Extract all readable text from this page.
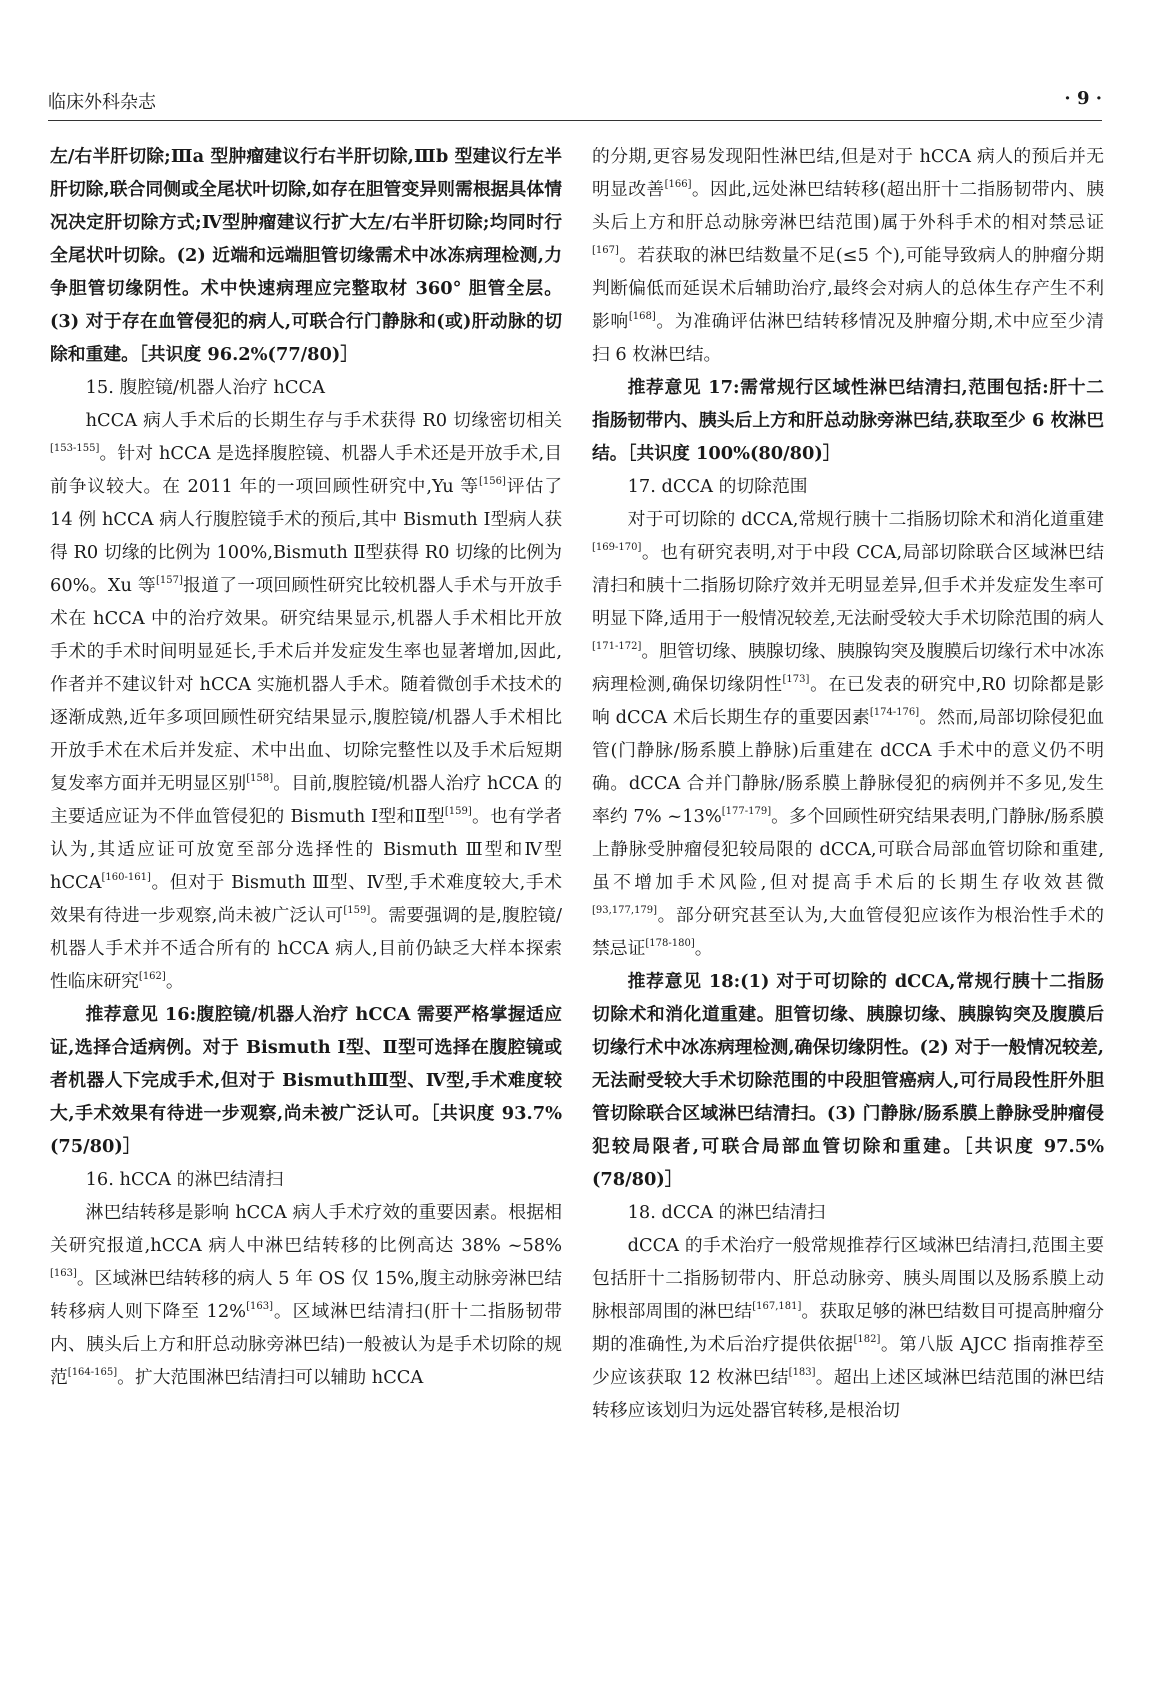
临床外科杂志	· 9 ·

左/右半肝切除;Ⅲa 型肿瘤建议行右半肝切除,Ⅲb 型建议行左半肝切除,联合同侧或全尾状叶切除,如存在胆管变异则需根据具体情况决定肝切除方式;Ⅳ型肿瘤建议行扩大左/右半肝切除;均同时行全尾状叶切除。(2) 近端和远端胆管切缘需术中冰冻病理检测,力争胆管切缘阴性。术中快速病理应完整取材 360° 胆管全层。(3) 对于存在血管侵犯的病人,可联合行门静脉和(或)肝动脉的切除和重建。［共识度 96.2%(77/80)］

15. 腹腔镜/机器人治疗 hCCA

hCCA 病人手术后的长期生存与手术获得 R0 切缘密切相关[153-155]。针对 hCCA 是选择腹腔镜、机器人手术还是开放手术,目前争议较大。在 2011 年的一项回顾性研究中,Yu 等[156]评估了 14 例 hCCA 病人行腹腔镜手术的预后,其中 Bismuth Ⅰ型病人获得 R0 切缘的比例为 100%,Bismuth Ⅱ型获得 R0 切缘的比例为 60%。Xu 等[157]报道了一项回顾性研究比较机器人手术与开放手术在 hCCA 中的治疗效果。研究结果显示,机器人手术相比开放手术的手术时间明显延长,手术后并发症发生率也显著增加,因此,作者并不建议针对 hCCA 实施机器人手术。随着微创手术技术的逐渐成熟,近年多项回顾性研究结果显示,腹腔镜/机器人手术相比开放手术在术后并发症、术中出血、切除完整性以及手术后短期复发率方面并无明显区别[158]。目前,腹腔镜/机器人治疗 hCCA 的主要适应证为不伴血管侵犯的 Bismuth Ⅰ型和Ⅱ型[159]。也有学者认为,其适应证可放宽至部分选择性的 Bismuth Ⅲ型和Ⅳ型 hCCA[160-161]。但对于 Bismuth Ⅲ型、Ⅳ型,手术难度较大,手术效果有待进一步观察,尚未被广泛认可[159]。需要强调的是,腹腔镜/机器人手术并不适合所有的 hCCA 病人,目前仍缺乏大样本探索性临床研究[162]。

推荐意见 16:腹腔镜/机器人治疗 hCCA 需要严格掌握适应证,选择合适病例。对于 Bismuth Ⅰ型、Ⅱ型可选择在腹腔镜或者机器人下完成手术,但对于 BismuthⅢ型、Ⅳ型,手术难度较大,手术效果有待进一步观察,尚未被广泛认可。［共识度 93.7%(75/80)］

16. hCCA 的淋巴结清扫

淋巴结转移是影响 hCCA 病人手术疗效的重要因素。根据相关研究报道,hCCA 病人中淋巴结转移的比例高达 38% ~58%[163]。区域淋巴结转移的病人 5 年 OS 仅 15%,腹主动脉旁淋巴结转移病人则下降至 12%[163]。区域淋巴结清扫(肝十二指肠韧带内、胰头后上方和肝总动脉旁淋巴结)一般被认为是手术切除的规范[164-165]。扩大范围淋巴结清扫可以辅助 hCCA

的分期,更容易发现阳性淋巴结,但是对于 hCCA 病人的预后并无明显改善[166]。因此,远处淋巴结转移(超出肝十二指肠韧带内、胰头后上方和肝总动脉旁淋巴结范围)属于外科手术的相对禁忌证[167]。若获取的淋巴结数量不足(≤5 个),可能导致病人的肿瘤分期判断偏低而延误术后辅助治疗,最终会对病人的总体生存产生不利影响[168]。为准确评估淋巴结转移情况及肿瘤分期,术中应至少清扫 6 枚淋巴结。

推荐意见 17:需常规行区域性淋巴结清扫,范围包括:肝十二指肠韧带内、胰头后上方和肝总动脉旁淋巴结,获取至少 6 枚淋巴结。［共识度 100%(80/80)］

17. dCCA 的切除范围

对于可切除的 dCCA,常规行胰十二指肠切除术和消化道重建[169-170]。也有研究表明,对于中段 CCA,局部切除联合区域淋巴结清扫和胰十二指肠切除疗效并无明显差异,但手术并发症发生率可明显下降,适用于一般情况较差,无法耐受较大手术切除范围的病人[171-172]。胆管切缘、胰腺切缘、胰腺钩突及腹膜后切缘行术中冰冻病理检测,确保切缘阴性[173]。在已发表的研究中,R0 切除都是影响 dCCA 术后长期生存的重要因素[174-176]。然而,局部切除侵犯血管(门静脉/肠系膜上静脉)后重建在 dCCA 手术中的意义仍不明确。dCCA 合并门静脉/肠系膜上静脉侵犯的病例并不多见,发生率约 7% ~13%[177-179]。多个回顾性研究结果表明,门静脉/肠系膜上静脉受肿瘤侵犯较局限的 dCCA,可联合局部血管切除和重建,虽不增加手术风险,但对提高手术后的长期生存收效甚微[93,177,179]。部分研究甚至认为,大血管侵犯应该作为根治性手术的禁忌证[178-180]。

推荐意见 18:(1) 对于可切除的 dCCA,常规行胰十二指肠切除术和消化道重建。胆管切缘、胰腺切缘、胰腺钩突及腹膜后切缘行术中冰冻病理检测,确保切缘阴性。(2) 对于一般情况较差,无法耐受较大手术切除范围的中段胆管癌病人,可行局段性肝外胆管切除联合区域淋巴结清扫。(3) 门静脉/肠系膜上静脉受肿瘤侵犯较局限者,可联合局部血管切除和重建。［共识度 97.5%(78/80)］

18. dCCA 的淋巴结清扫

dCCA 的手术治疗一般常规推荐行区域淋巴结清扫,范围主要包括肝十二指肠韧带内、肝总动脉旁、胰头周围以及肠系膜上动脉根部周围的淋巴结[167,181]。获取足够的淋巴结数目可提高肿瘤分期的准确性,为术后治疗提供依据[182]。第八版 AJCC 指南推荐至少应该获取 12 枚淋巴结[183]。超出上述区域淋巴结范围的淋巴结转移应该划归为远处器官转移,是根治切
